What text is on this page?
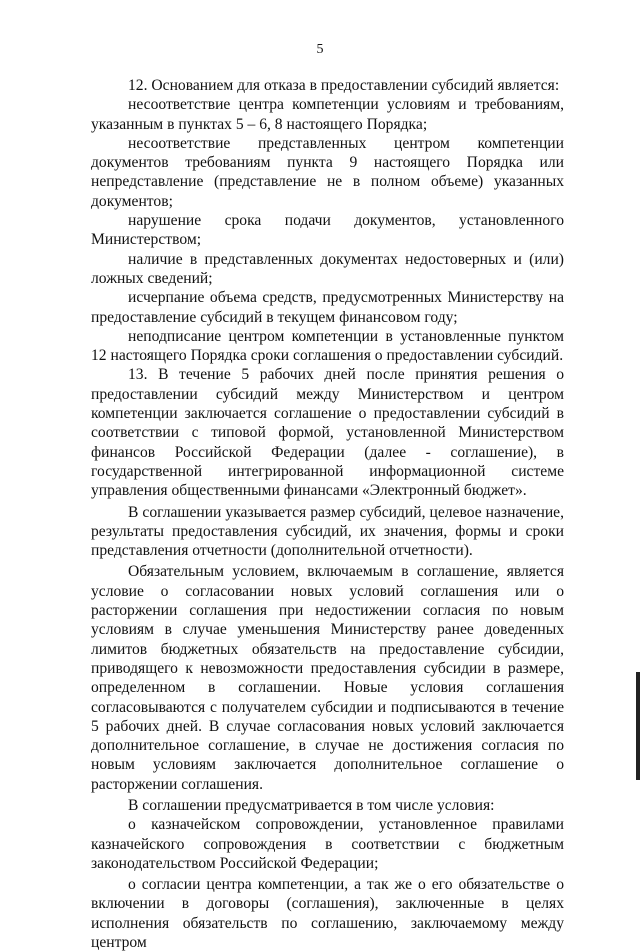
5

12. Основанием для отказа в предоставлении субсидий является:

несоответствие центра компетенции условиям и требованиям, указанным в пунктах 5 – 6, 8 настоящего Порядка;

несоответствие представленных центром компетенции документов требованиям пункта 9 настоящего Порядка или непредставление (представление не в полном объеме) указанных документов;

нарушение срока подачи документов, установленного Министерством;

наличие в представленных документах недостоверных и (или) ложных сведений;

исчерпание объема средств, предусмотренных Министерству на предоставление субсидий в текущем финансовом году;

неподписание центром компетенции в установленные пунктом 12 настоящего Порядка сроки соглашения о предоставлении субсидий.

13. В течение 5 рабочих дней после принятия решения о предоставлении субсидий между Министерством и центром компетенции заключается соглашение о предоставлении субсидий в соответствии с типовой формой, установленной Министерством финансов Российской Федерации (далее - соглашение), в государственной интегрированной информационной системе управления общественными финансами «Электронный бюджет».

В соглашении указывается размер субсидий, целевое назначение, результаты предоставления субсидий, их значения, формы и сроки представления отчетности (дополнительной отчетности).

Обязательным условием, включаемым в соглашение, является условие о согласовании новых условий соглашения или о расторжении соглашения при недостижении согласия по новым условиям в случае уменьшения Министерству ранее доведенных лимитов бюджетных обязательств на предоставление субсидии, приводящего к невозможности предоставления субсидии в размере, определенном в соглашении. Новые условия соглашения согласовываются с получателем субсидии и подписываются в течение 5 рабочих дней. В случае согласования новых условий заключается дополнительное соглашение, в случае не достижения согласия по новым условиям заключается дополнительное соглашение о расторжении соглашения.

В соглашении предусматривается в том числе условия:

о казначейском сопровождении, установленное правилами казначейского сопровождения в соответствии с бюджетным законодательством Российской Федерации;

о согласии центра компетенции, а так же о его обязательстве о включении в договоры (соглашения), заключенные в целях исполнения обязательств по соглашению, заключаемому между центром
